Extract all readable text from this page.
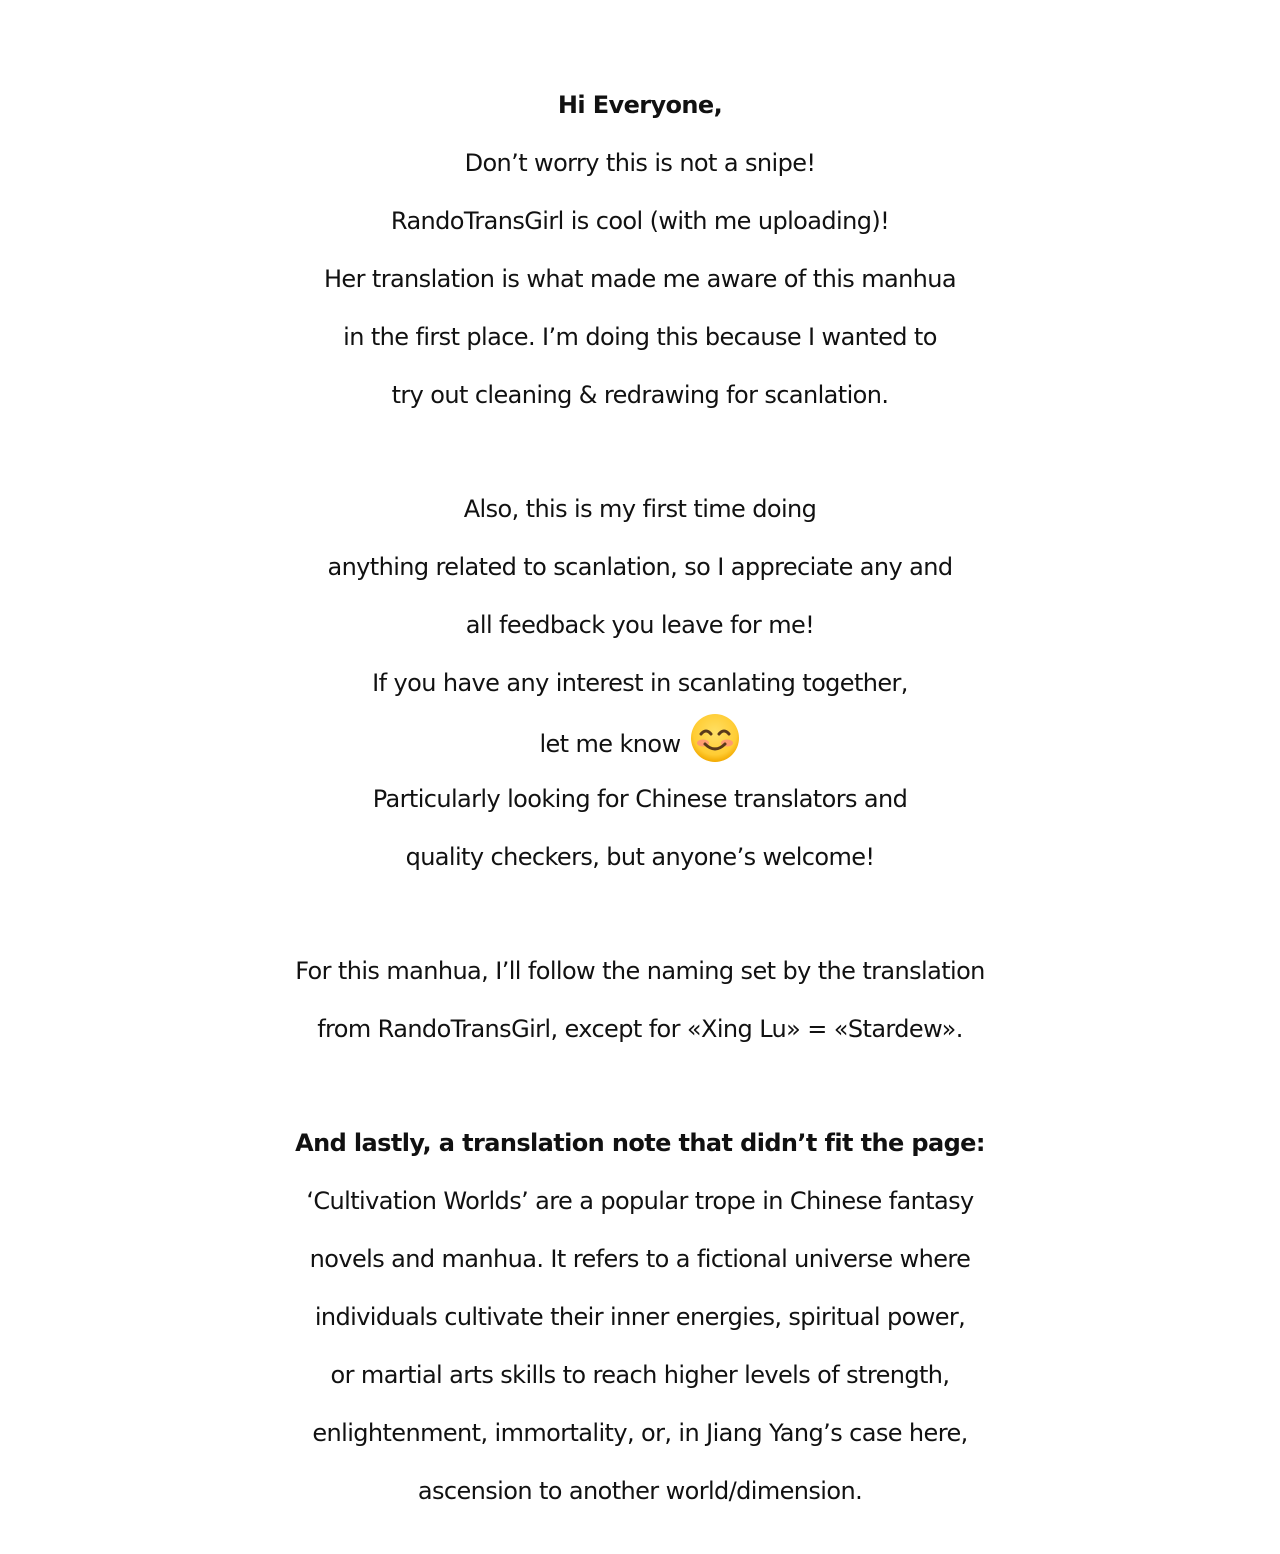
Hi Everyone,
Don’t worry this is not a snipe!
RandoTransGirl is cool (with me uploading)!
Her translation is what made me aware of this manhua
in the first place. I’m doing this because I wanted to
try out cleaning & redrawing for scanlation.
Also, this is my first time doing
anything related to scanlation, so I appreciate any and
all feedback you leave for me!
If you have any interest in scanlating together,
let me know
Particularly looking for Chinese translators and
quality checkers, but anyone’s welcome!
For this manhua, I’ll follow the naming set by the translation
from RandoTransGirl, except for «Xing Lu» = «Stardew».
And lastly, a translation note that didn’t fit the page:
‘Cultivation Worlds’ are a popular trope in Chinese fantasy
novels and manhua. It refers to a fictional universe where
individuals cultivate their inner energies, spiritual power,
or martial arts skills to reach higher levels of strength,
enlightenment, immortality, or, in Jiang Yang’s case here,
ascension to another world/dimension.
